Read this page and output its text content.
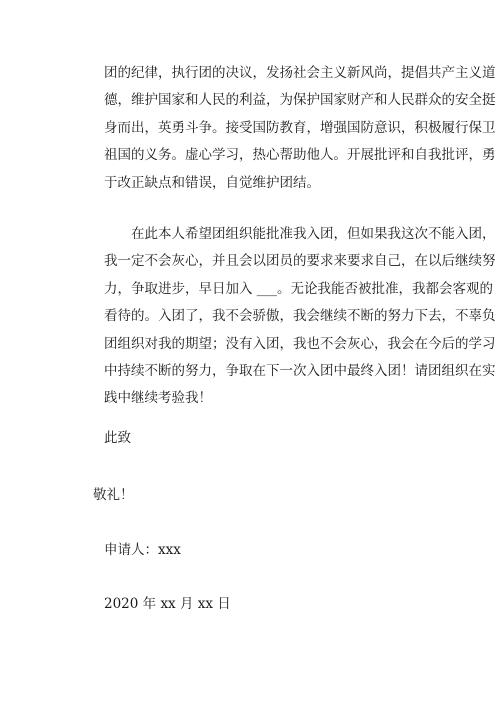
团的纪律，执行团的决议，发扬社会主义新风尚，提倡共产主义道
德，维护国家和人民的利益，为保护国家财产和人民群众的安全挺
身而出，英勇斗争。接受国防教育，增强国防意识，积极履行保卫
祖国的义务。虚心学习，热心帮助他人。开展批评和自我批评，勇
于改正缺点和错误，自觉维护团结。
在此本人希望团组织能批准我入团，但如果我这次不能入团，
我一定不会灰心，并且会以团员的要求来要求自己，在以后继续努
力，争取进步，早日加入 ___。无论我能否被批准，我都会客观的
看待的。入团了，我不会骄傲，我会继续不断的努力下去，不辜负
团组织对我的期望；没有入团，我也不会灰心，我会在今后的学习
中持续不断的努力，争取在下一次入团中最终入团！请团组织在实
践中继续考验我！
此致
敬礼！
申请人：xxx
2020 年 xx 月 xx 日
